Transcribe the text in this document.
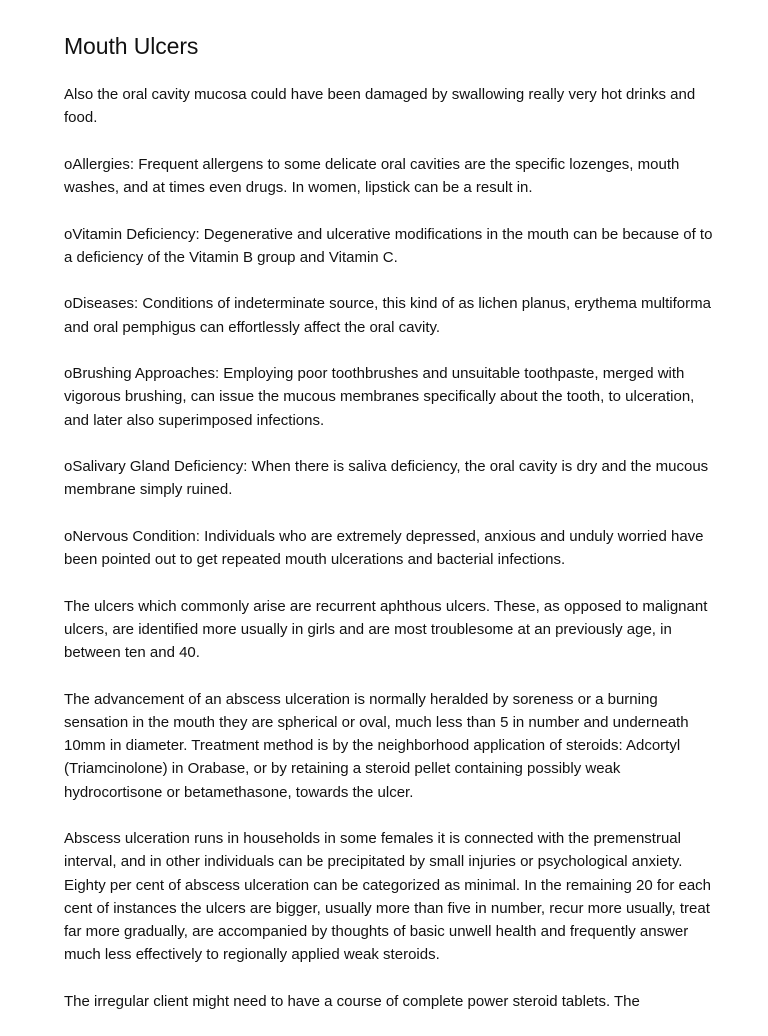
Mouth Ulcers

Also the oral cavity mucosa could have been damaged by swallowing really very hot drinks and food.

oAllergies: Frequent allergens to some delicate oral cavities are the specific lozenges, mouth washes, and at times even drugs. In women, lipstick can be a result in.

oVitamin Deficiency: Degenerative and ulcerative modifications in the mouth can be because of to a deficiency of the Vitamin B group and Vitamin C.

oDiseases: Conditions of indeterminate source, this kind of as lichen planus, erythema multiforma and oral pemphigus can effortlessly affect the oral cavity.

oBrushing Approaches: Employing poor toothbrushes and unsuitable toothpaste, merged with vigorous brushing, can issue the mucous membranes specifically about the tooth, to ulceration, and later also superimposed infections.

oSalivary Gland Deficiency: When there is saliva deficiency, the oral cavity is dry and the mucous membrane simply ruined.

oNervous Condition: Individuals who are extremely depressed, anxious and unduly worried have been pointed out to get repeated mouth ulcerations and bacterial infections.

The ulcers which commonly arise are recurrent aphthous ulcers. These, as opposed to malignant ulcers, are identified more usually in girls and are most troublesome at an previously age, in between ten and 40.

The advancement of an abscess ulceration is normally heralded by soreness or a burning sensation in the mouth they are spherical or oval, much less than 5 in number and underneath 10mm in diameter. Treatment method is by the neighborhood application of steroids: Adcortyl (Triamcinolone) in Orabase, or by retaining a steroid pellet containing possibly weak hydrocortisone or betamethasone, towards the ulcer.

Abscess ulceration runs in households in some females it is connected with the premenstrual interval, and in other individuals can be precipitated by small injuries or psychological anxiety. Eighty per cent of abscess ulceration can be categorized as minimal. In the remaining 20 for each cent of instances the ulcers are bigger, usually more than five in number, recur more usually, treat far more gradually, are accompanied by thoughts of basic unwell health and frequently answer much less effectively to regionally applied weak steroids.

The irregular client might need to have a course of complete power steroid tablets. The
